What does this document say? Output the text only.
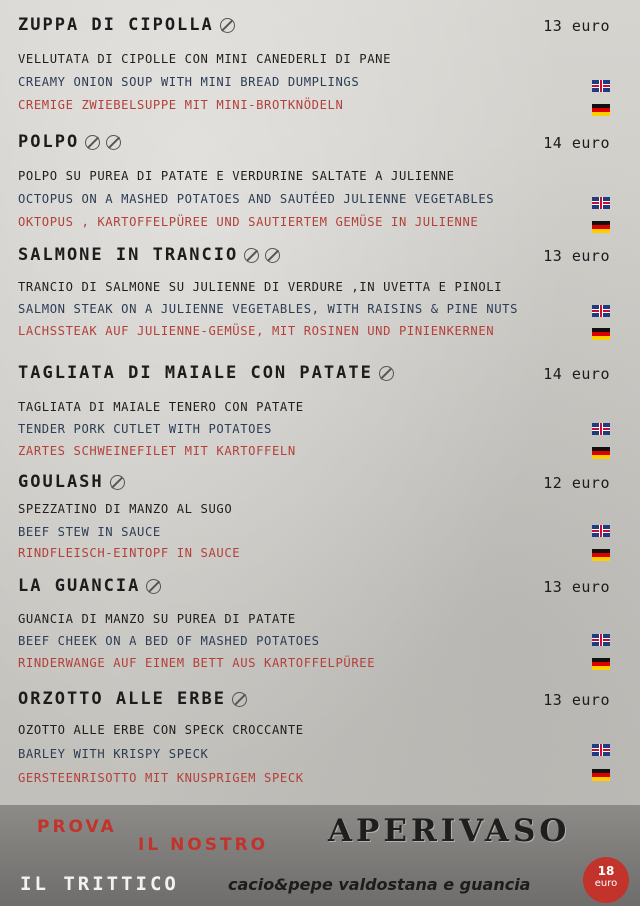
ZUPPA DI CIPOLLA	13 euro
VELLUTATA DI CIPOLLE CON MINI CANEDERLI DI PANE
CREAMY ONION SOUP WITH MINI BREAD DUMPLINGS
CREMIGE ZWIEBELSUPPE MIT MINI-BROTKNÖDELN
POLPO	14 euro
POLPO SU PUREA DI PATATE E VERDURINE SALTATE A JULIENNE
OCTOPUS ON A MASHED POTATOES AND SAUTÉED JULIENNE VEGETABLES
OKTOPUS , KARTOFFELPÜREE UND SAUTIERTEM GEMÜSE IN JULIENNE
SALMONE IN TRANCIO	13 euro
TRANCIO DI SALMONE SU JULIENNE DI VERDURE ,IN UVETTA E PINOLI
SALMON STEAK ON A JULIENNE VEGETABLES, WITH RAISINS & PINE NUTS
LACHSSTEAK AUF JULIENNE-GEMÜSE, MIT ROSINEN UND PINIENKERNEN
TAGLIATA DI MAIALE CON PATATE	14 euro
TAGLIATA DI MAIALE TENERO CON PATATE
TENDER PORK CUTLET WITH POTATOES
ZARTES SCHWEINEFILET MIT KARTOFFELN
GOULASH	12 euro
SPEZZATINO DI MANZO AL SUGO
BEEF STEW IN SAUCE
RINDFLEISCH-EINTOPF IN SAUCE
LA GUANCIA	13 euro
GUANCIA DI MANZO SU PUREA DI PATATE
BEEF CHEEK ON A BED OF MASHED POTATOES
RINDERWANGE AUF EINEM BETT AUS KARTOFFELPÜREE
ORZOTTO ALLE ERBE	13 euro
OZOTTO ALLE ERBE CON SPECK CROCCANTE
BARLEY WITH KRISPY SPECK
GERSTEENRISOTTO MIT KNUSPRIGEM SPECK
PROVA
IL NOSTRO APERIVASO
IL TRITTICO	cacio&pepe valdostana e guancia
18
euro
